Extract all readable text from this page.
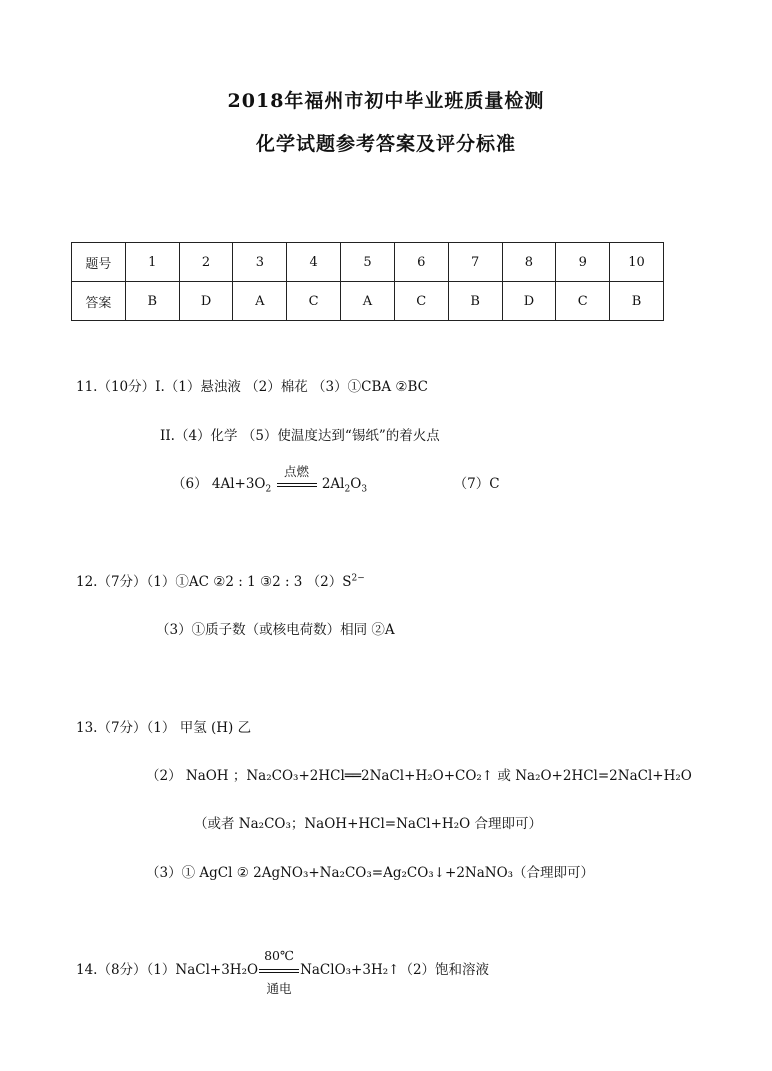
2018年福州市初中毕业班质量检测
化学试题参考答案及评分标准
题号	1	2	3	4	5	6	7	8	9	10
答案	B	D	A	C	A	C	B	D	C	B
11.（10分）I.（1）悬浊液 （2）棉花 （3）①CBA ②BC
II.（4）化学 （5）使温度达到“锡纸”的着火点
（6） $4Al+3O_2$
点燃
$2Al_2O_3$	（7）C
12.（7分）（1）①AC ②2 : 1 ③2 : 3 $(2)S^{2-}$
（3）①质子数（或核电荷数）相同 ②A
13.（7分）（1） 甲氢 (H) 乙
（2） NaOH ；Na₂CO₃+2HCl══2NaCl+H₂O+CO₂↑ 或 Na₂O+2HCl=2NaCl+H₂O
（或者 Na₂CO₃；NaOH+HCl=NaCl+H₂O 合理即可）
（3）① AgCl ② 2AgNO₃+Na₂CO₃=Ag₂CO₃↓+2NaNO₃（合理即可）
14.（8分）（1）NaCl+3H₂O
80℃
通电
NaClO₃+3H₂↑（2）饱和溶液
